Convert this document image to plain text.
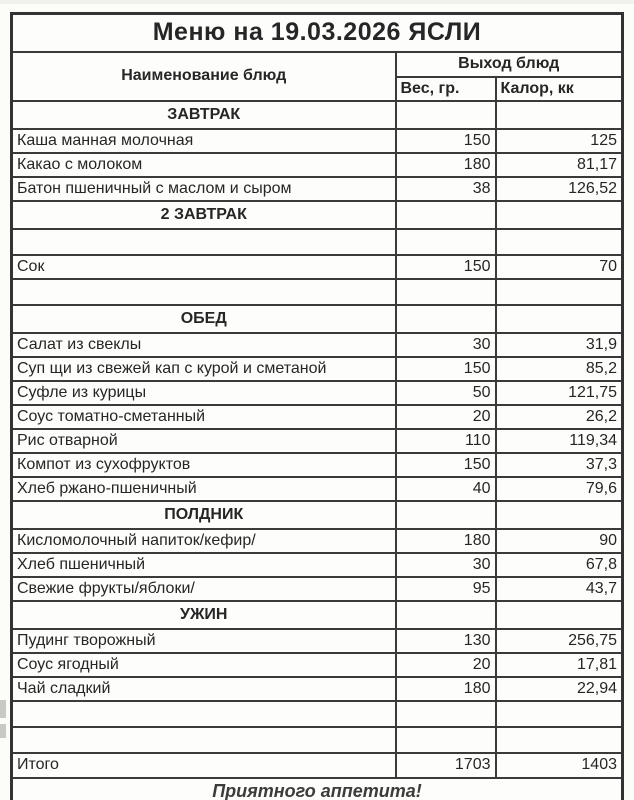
Меню на 19.03.2026 ЯСЛИ		
Наименование блюд	Выход блюд	
	Вес, гр.	Калор, кк
ЗАВТРАК		
Каша манная молочная	150	125
Какао с молоком	180	81,17
Батон пшеничный с маслом и сыром	38	126,52
2 ЗАВТРАК		

Сок	150	70

ОБЕД		
Салат из свеклы	30	31,9
Суп щи из свежей кап с курой и сметаной	150	85,2
Суфле из курицы	50	121,75
Соус томатно-сметанный	20	26,2
Рис отварной	110	119,34
Компот из сухофруктов	150	37,3
Хлеб ржано-пшеничный	40	79,6
ПОЛДНИК		
Кисломолочный напиток/кефир/	180	90
Хлеб пшеничный	30	67,8
Свежие фрукты/яблоки/	95	43,7
УЖИН		
Пудинг творожный	130	256,75
Соус ягодный	20	17,81
Чай сладкий	180	22,94

Итого	1703	1403
Приятного аппетита!		
